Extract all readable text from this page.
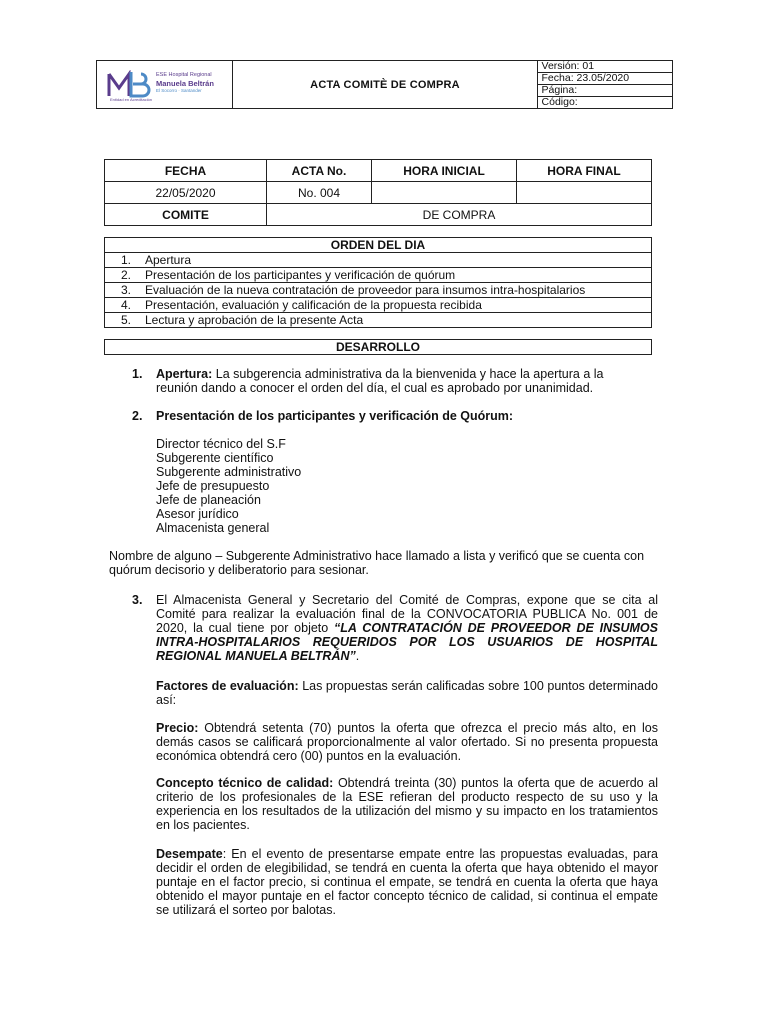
ESE Hospital Regional
Manuela Beltrán
El Socorro · Santander
Entidad en Acreditación
	ACTA COMITÈ DE COMPRA	Versión: 01
Fecha: 23.05/2020
Página:
Código:
FECHA	ACTA No.	HORA INICIAL	HORA FINAL
22/05/2020	No. 004		
COMITE	DE COMPRA		
ORDEN DEL DIA
1. Apertura
2. Presentación de los participantes y verificación de quórum
3. Evaluación de la nueva contratación de proveedor para insumos intra-hospitalarios
4. Presentación, evaluación y calificación de la propuesta recibida
5. Lectura y aprobación de la presente Acta
DESARROLLO
1. Apertura: La subgerencia administrativa da la bienvenida y hace la apertura a la reunión dando a conocer el orden del día, el cual es aprobado por unanimidad.
2. Presentación de los participantes y verificación de Quórum:
Director técnico del S.F
Subgerente científico
Subgerente administrativo
Jefe de presupuesto
Jefe de planeación
Asesor jurídico
Almacenista general
Nombre de alguno – Subgerente Administrativo hace llamado a lista y verificó que se cuenta con quórum decisorio y deliberatorio para sesionar.
3. El Almacenista General y Secretario del Comité de Compras, expone que se cita al Comité para realizar la evaluación final de la CONVOCATORIA PUBLICA No. 001 de 2020, la cual tiene por objeto “LA CONTRATACIÓN DE PROVEEDOR DE INSUMOS INTRA-HOSPITALARIOS REQUERIDOS POR LOS USUARIOS DE HOSPITAL REGIONAL MANUELA BELTRÁN”.
Factores de evaluación: Las propuestas serán calificadas sobre 100 puntos determinado así:
Precio: Obtendrá setenta (70) puntos la oferta que ofrezca el precio más alto, en los demás casos se calificará proporcionalmente al valor ofertado. Si no presenta propuesta económica obtendrá cero (00) puntos en la evaluación.
Concepto técnico de calidad: Obtendrá treinta (30) puntos la oferta que de acuerdo al criterio de los profesionales de la ESE refieran del producto respecto de su uso y la experiencia en los resultados de la utilización del mismo y su impacto en los tratamientos en los pacientes.
Desempate: En el evento de presentarse empate entre las propuestas evaluadas, para decidir el orden de elegibilidad, se tendrá en cuenta la oferta que haya obtenido el mayor puntaje en el factor precio, si continua el empate, se tendrá en cuenta la oferta que haya obtenido el mayor puntaje en el factor concepto técnico de calidad, si continua el empate se utilizará el sorteo por balotas.
